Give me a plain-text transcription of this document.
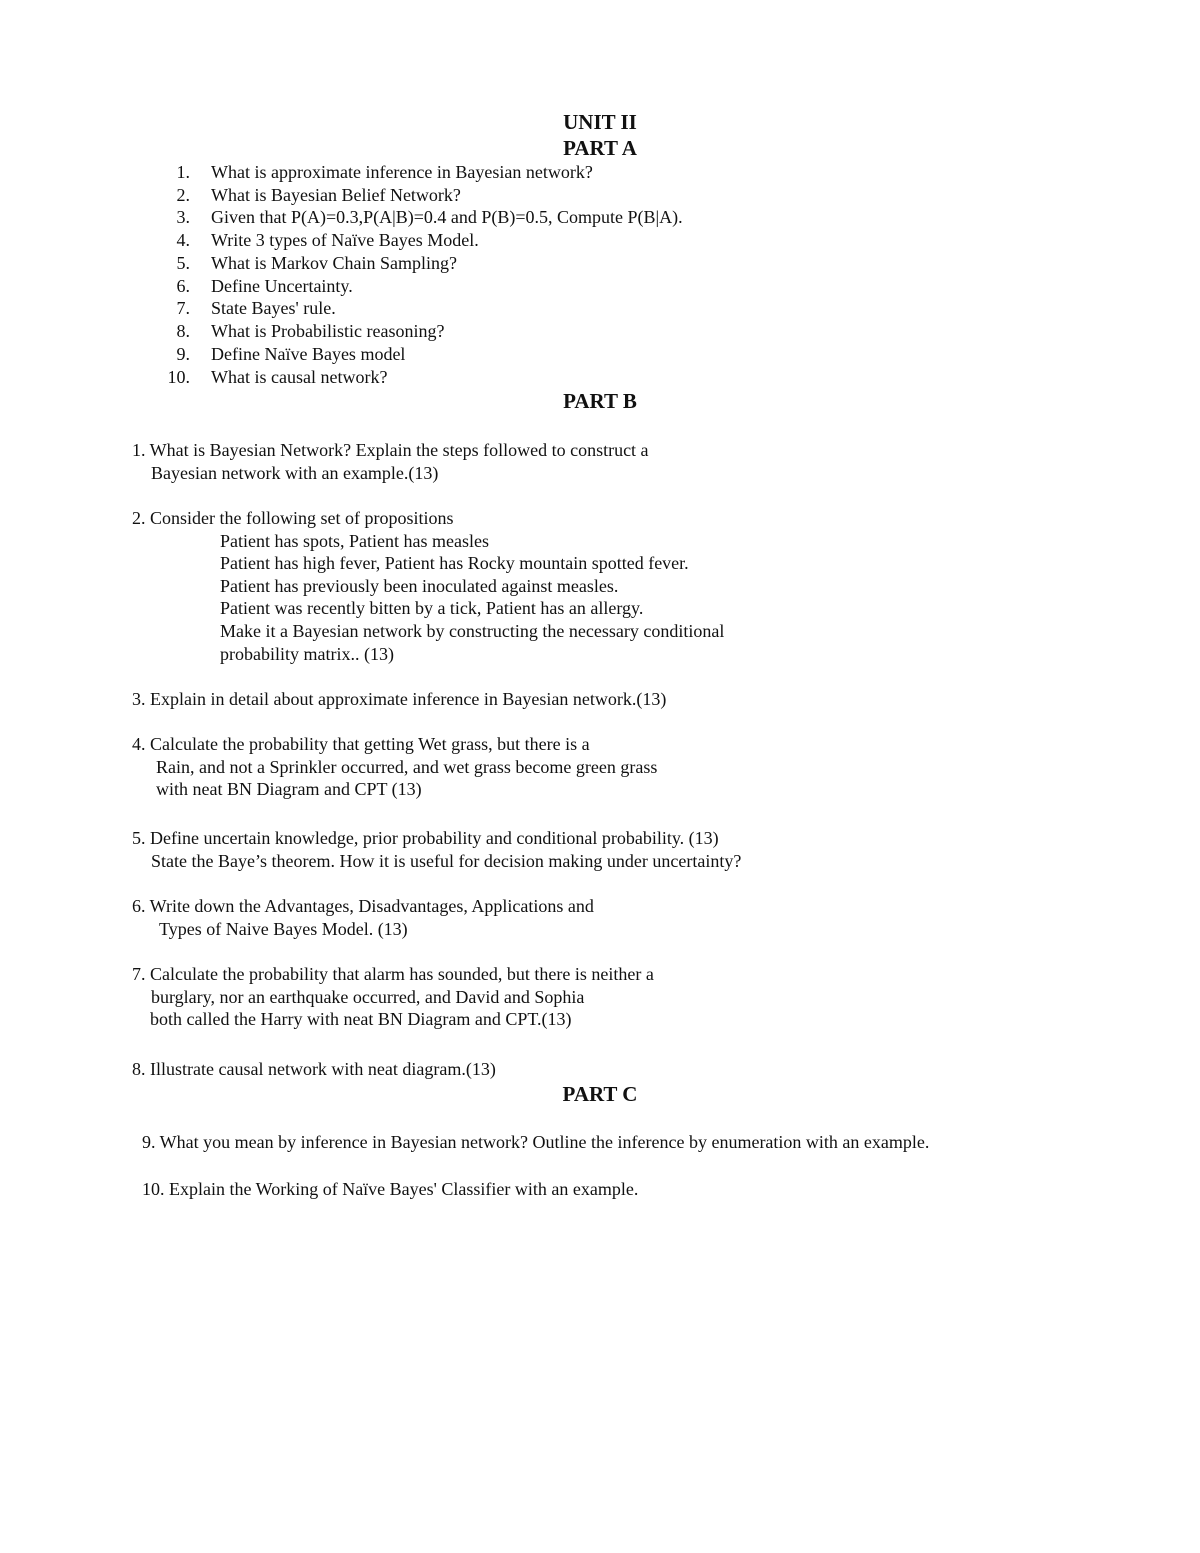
UNIT II
PART A
1. What is approximate inference in Bayesian network?
2. What is Bayesian Belief Network?
3. Given that P(A)=0.3,P(A|B)=0.4 and P(B)=0.5, Compute P(B|A).
4. Write 3 types of Naïve Bayes Model.
5. What is Markov Chain Sampling?
6. Define Uncertainty.
7. State Bayes' rule.
8. What is Probabilistic reasoning?
9. Define Naïve Bayes model
10. What is causal network?
PART B
1. What is Bayesian Network? Explain the steps followed to construct a
Bayesian network with an example.(13)
2. Consider the following set of propositions
Patient has spots, Patient has measles
Patient has high fever, Patient has Rocky mountain spotted fever.
Patient has previously been inoculated against measles.
Patient was recently bitten by a tick, Patient has an allergy.
Make it a Bayesian network by constructing the necessary conditional
probability matrix.. (13)
3. Explain in detail about approximate inference in Bayesian network.(13)
4. Calculate the probability that getting Wet grass, but there is a
Rain, and not a Sprinkler occurred, and wet grass become green grass
with neat BN Diagram and CPT (13)
5. Define uncertain knowledge, prior probability and conditional probability. (13)
State the Baye’s theorem. How it is useful for decision making under uncertainty?
6. Write down the Advantages, Disadvantages, Applications and
Types of Naive Bayes Model. (13)
7. Calculate the probability that alarm has sounded, but there is neither a
burglary, nor an earthquake occurred, and David and Sophia
both called the Harry with neat BN Diagram and CPT.(13)
8. Illustrate causal network with neat diagram.(13)
PART C
9. What you mean by inference in Bayesian network? Outline the inference by enumeration with an example.
10. Explain the Working of Naïve Bayes' Classifier with an example.
